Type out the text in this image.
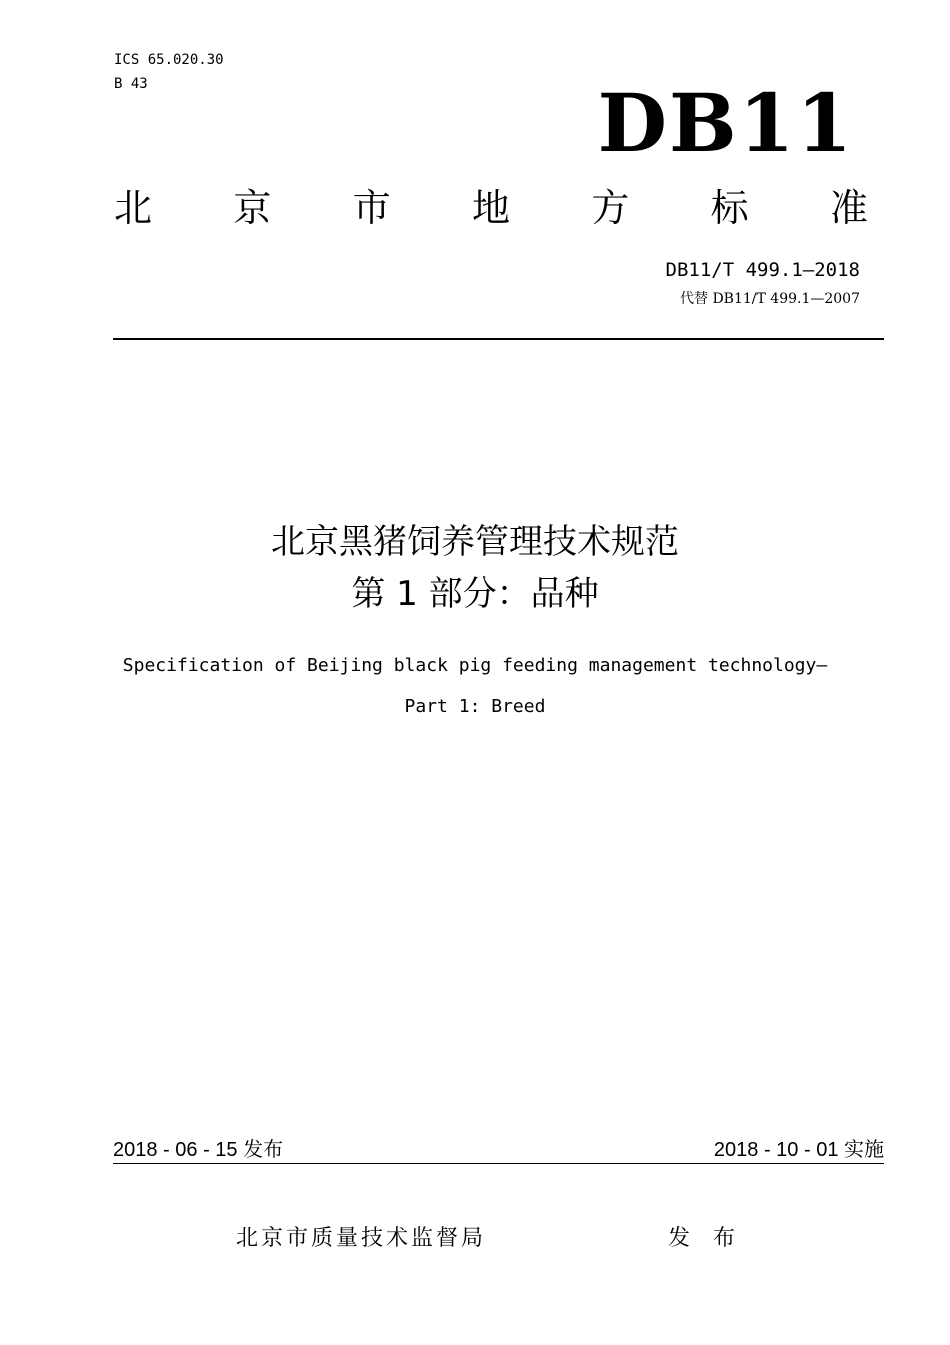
ICS 65.020.30
B 43	DB11
北 京 市 地 方 标 准
DB11/T 499.1—2018
代替 DB11/T 499.1—2007
北京黑猪饲养管理技术规范
第 1 部分：品种
Specification of Beijing black pig feeding management technology—
Part 1: Breed
2018 - 06 - 15 发布	2018 - 10 - 01 实施
北京市质量技术监督局	发 布
